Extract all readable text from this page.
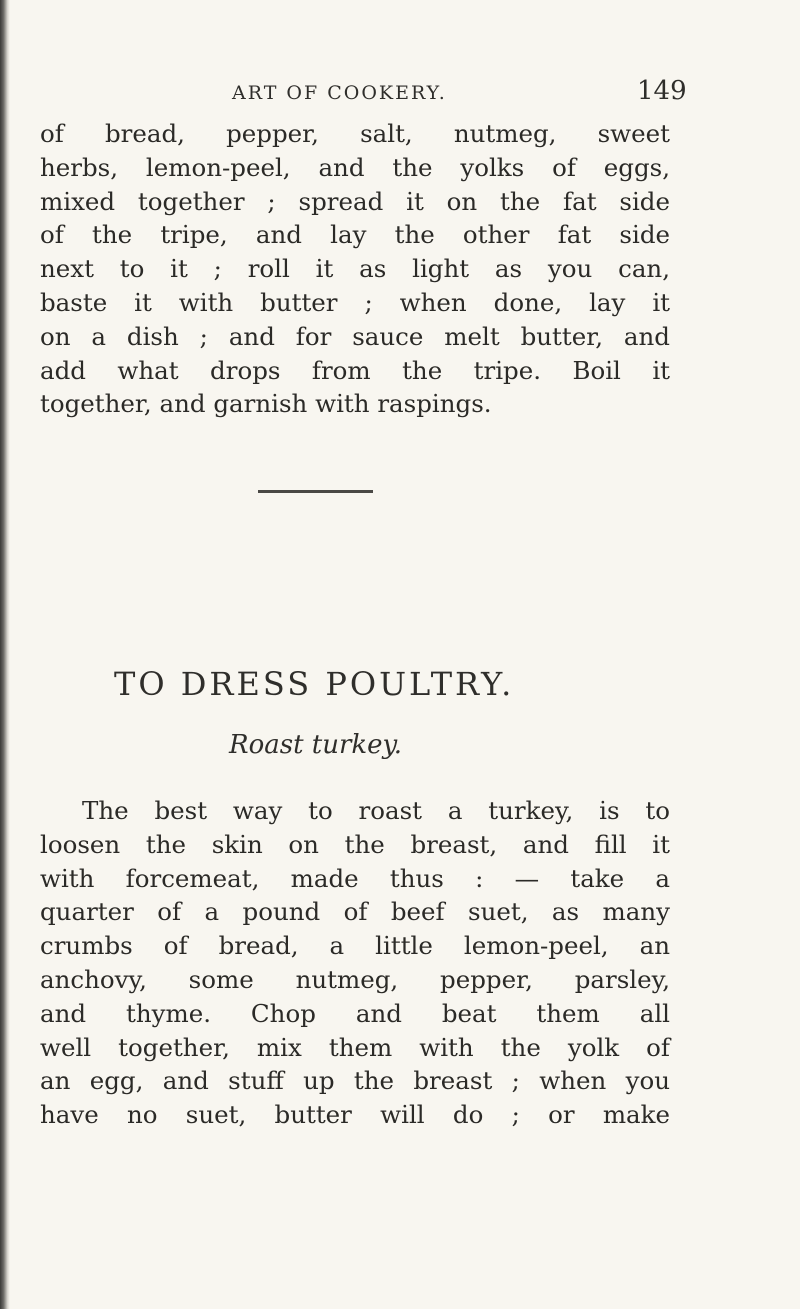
ART OF COOKERY.	149
of bread, pepper, salt, nutmeg, sweet
herbs, lemon-peel, and the yolks of eggs,
mixed together ; spread it on the fat side
of the tripe, and lay the other fat side
next to it ; roll it as light as you can,
baste it with butter ; when done, lay it
on a dish ; and for sauce melt butter, and
add what drops from the tripe. Boil it
together, and garnish with raspings.
TO DRESS POULTRY.
Roast turkey.
The best way to roast a turkey, is to
loosen the skin on the breast, and fill it
with forcemeat, made thus : — take a
quarter of a pound of beef suet, as many
crumbs of bread, a little lemon-peel, an
anchovy, some nutmeg, pepper, parsley,
and thyme. Chop and beat them all
well together, mix them with the yolk of
an egg, and stuff up the breast ; when you
have no suet, butter will do ; or make
